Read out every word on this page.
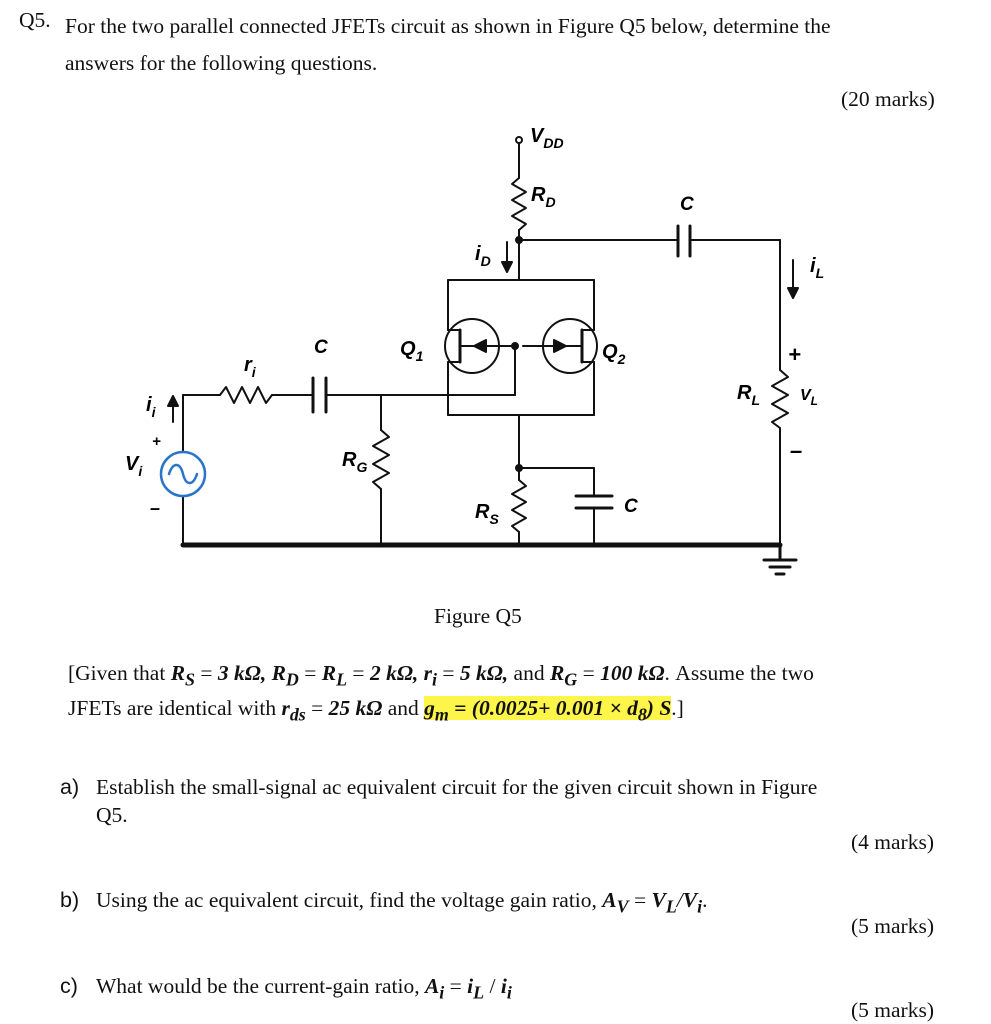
Q5. For the two parallel connected JFETs circuit as shown in Figure Q5 below, determine the
answers for the following questions.
(20 marks)
$V_{DD}$
$R_D$
$i_D$
C
$i_L$
$Q_1$	$Q_2$
C
$r_i$
$i_i$
+
$V_i$
–
$R_G$
$R_S$
C
$R_L$ $V_L$
+
–
Figure Q5
[Given that $R_S = 3$ kΩ, $R_D = R_L = 2$ kΩ, $r_i = 5$ kΩ, and $R_G = 100$ kΩ. Assume the two
JFETs are identical with $r_{ds} = 25$ kΩ and $g_m = (0.0025+ 0.001 \times d_8)$ S.]
a) Establish the small-signal ac equivalent circuit for the given circuit shown in Figure
Q5.
(4 marks)
b) Using the ac equivalent circuit, find the voltage gain ratio, $A_V = V_L/V_i$.
(5 marks)
c) What would be the current-gain ratio, $A_i = i_L / i_i$
(5 marks)
